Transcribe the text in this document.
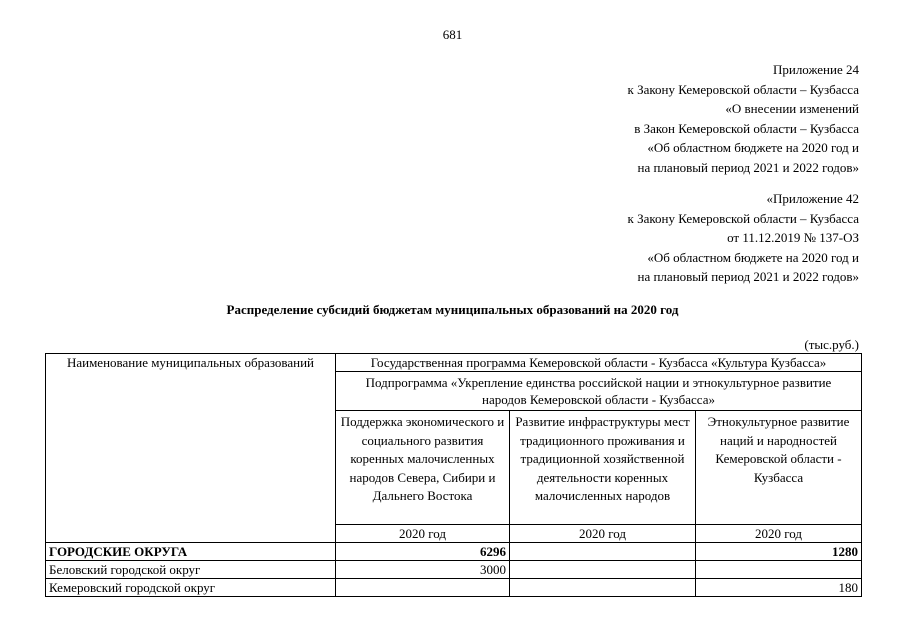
681
Приложение 24
к Закону Кемеровской области – Кузбасса
«О внесении изменений
в Закон Кемеровской области – Кузбасса
«Об областном бюджете на 2020 год и
на плановый период 2021 и 2022 годов»
«Приложение 42
к Закону Кемеровской области – Кузбасса
от 11.12.2019 № 137-ОЗ
«Об областном бюджете на 2020 год и
на плановый период 2021 и 2022 годов»
Распределение субсидий бюджетам муниципальных образований на 2020 год
(тыс.руб.)
Наименование муниципальных образований	Государственная программа Кемеровской области - Кузбасса «Культура Кузбасса»		
	Подпрограмма «Укрепление единства российской нации и этнокультурное развитие народов Кемеровской области - Кузбасса»		
	Поддержка экономического и социального развития коренных малочисленных народов Севера, Сибири и Дальнего Востока	Развитие инфраструктуры мест традиционного проживания и традиционной хозяйственной деятельности коренных малочисленных народов	Этнокультурное развитие наций и народностей Кемеровской области - Кузбасса
	2020 год	2020 год	2020 год
ГОРОДСКИЕ ОКРУГА	6296		1280
Беловский городской округ	3000		
Кемеровский городской округ			180
